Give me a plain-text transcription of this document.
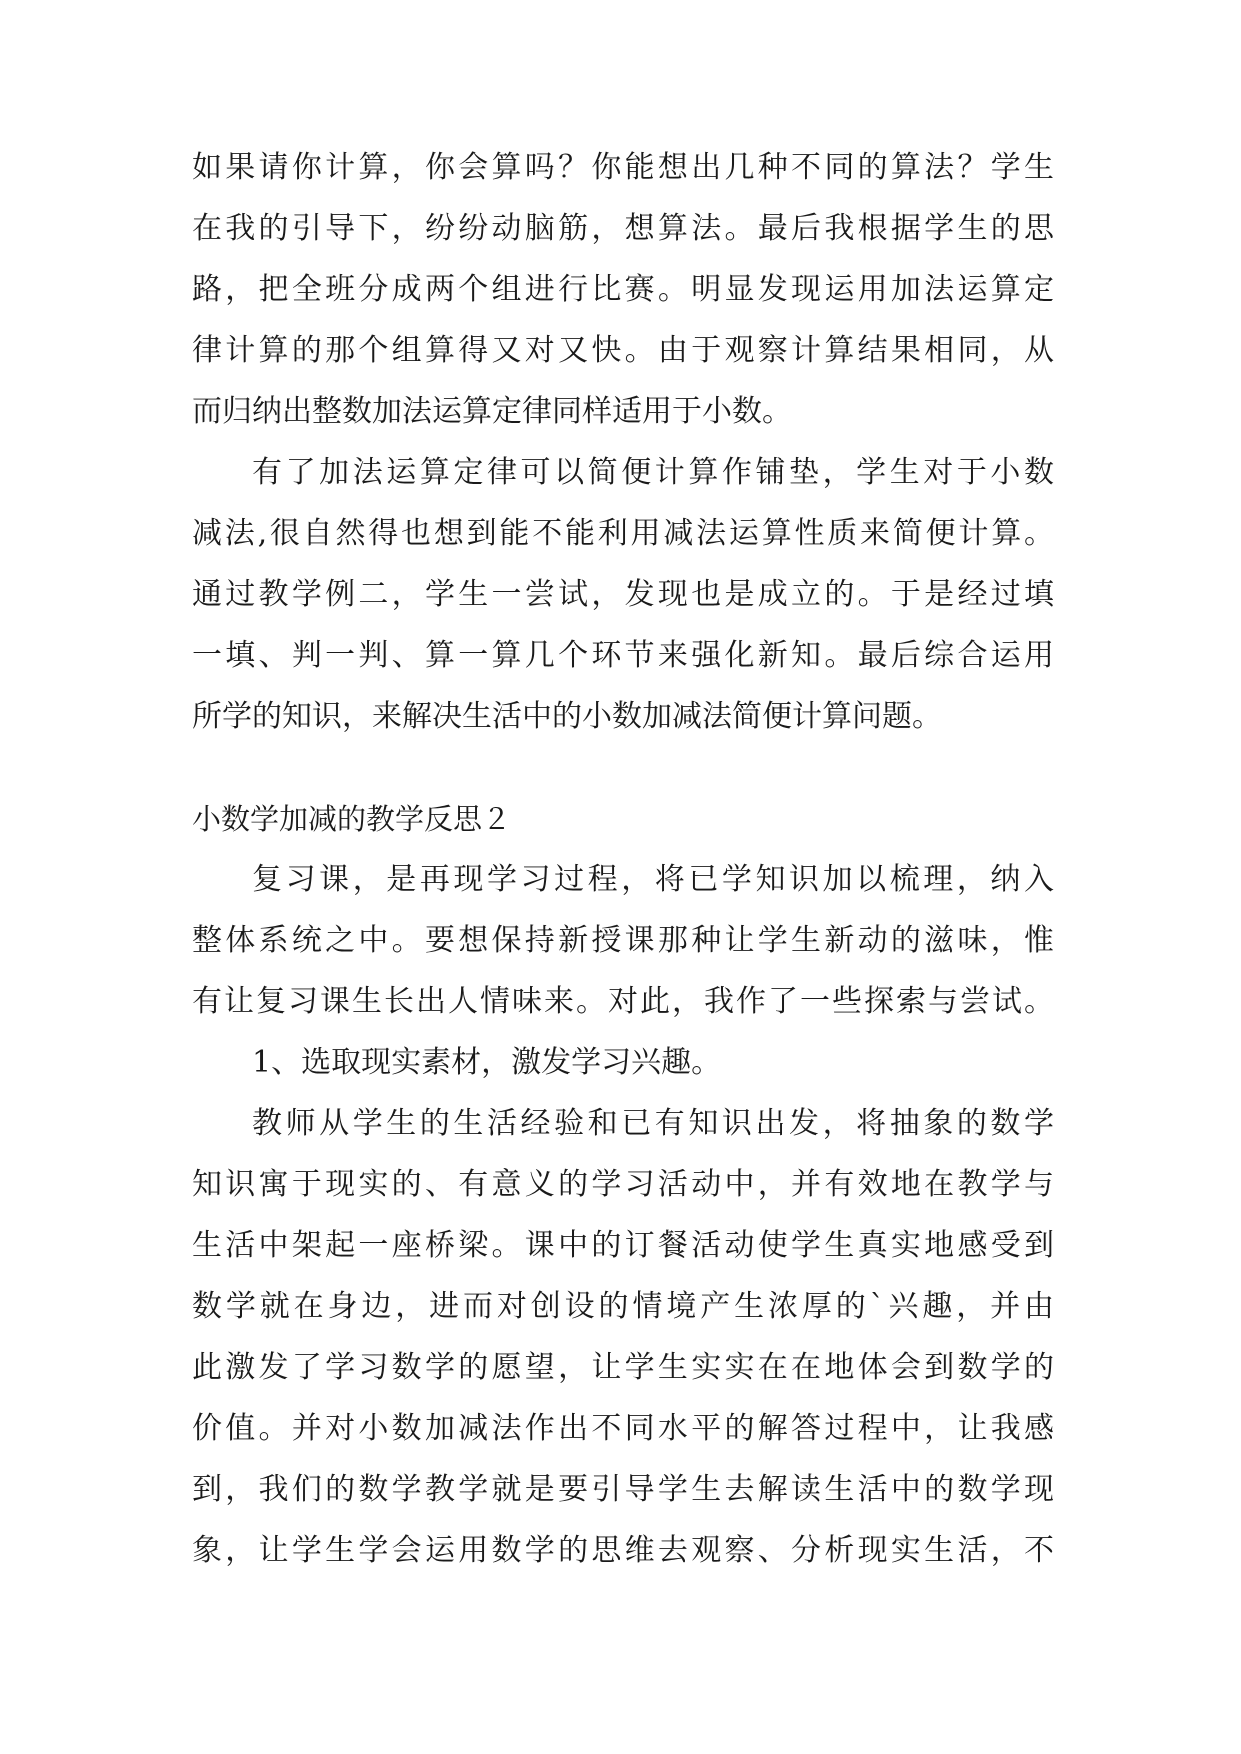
如果请你计算，你会算吗？你能想出几种不同的算法？学生
在我的引导下，纷纷动脑筋，想算法。最后我根据学生的思
路，把全班分成两个组进行比赛。明显发现运用加法运算定
律计算的那个组算得又对又快。由于观察计算结果相同，从
而归纳出整数加法运算定律同样适用于小数。
有了加法运算定律可以简便计算作铺垫，学生对于小数
减法,很自然得也想到能不能利用减法运算性质来简便计算。
通过教学例二，学生一尝试，发现也是成立的。于是经过填
一填、判一判、算一算几个环节来强化新知。最后综合运用
所学的知识，来解决生活中的小数加减法简便计算问题。
小数学加减的教学反思２
复习课，是再现学习过程，将已学知识加以梳理，纳入
整体系统之中。要想保持新授课那种让学生新动的滋味，惟
有让复习课生长出人情味来。对此，我作了一些探索与尝试。
1、选取现实素材，激发学习兴趣。
教师从学生的生活经验和已有知识出发，将抽象的数学
知识寓于现实的、有意义的学习活动中，并有效地在教学与
生活中架起一座桥梁。课中的订餐活动使学生真实地感受到
数学就在身边，进而对创设的情境产生浓厚的`兴趣，并由
此激发了学习数学的愿望，让学生实实在在地体会到数学的
价值。并对小数加减法作出不同水平的解答过程中，让我感
到，我们的数学教学就是要引导学生去解读生活中的数学现
象，让学生学会运用数学的思维去观察、分析现实生活，不
